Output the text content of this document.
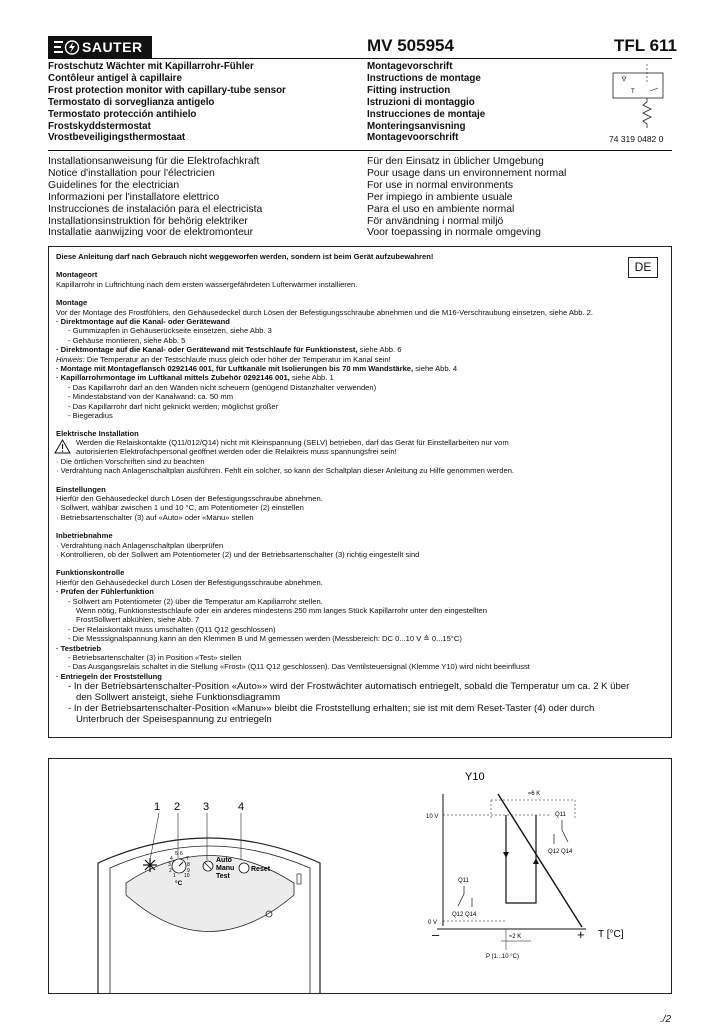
SAUTER	MV 505954	TFL 611
Frostschutz Wächter mit Kapillarrohr-Fühler
Contôleur antigel à capillaire
Frost protection monitor with capillary-tube sensor
Termostato di sorveglianza antigelo
Termostato protección antihielo
Frostskyddstermostat
Vrostbeveiligingsthermostaat
Montagevorschrift
Instructions de montage
Fitting instruction
Istruzioni di montaggio
Instrucciones de montaje
Monteringsanvisning
Montagevoorschrift
T
74 319 0482 0
Installationsanweisung für die Elektrofachkraft
Notice d'installation pour l'électricien
Guidelines for the electrician
Informazioni per l'installatore elettrico
Instrucciones de instalación para el electricista
Installationsinstruktion för behörig elektriker
Installatie aanwijzing voor de elektromonteur
Für den Einsatz in üblicher Umgebung
Pour usage dans un environnement normal
For use in normal environments
Per impiego in ambiente usuale
Para el uso en ambiente normal
För användning i normal miljö
Voor toepassing in normale omgeving
DE
Diese Anleitung darf nach Gebrauch nicht weggeworfen werden, sondern ist beim Gerät aufzubewahren!
Montageort
Kapillarrohr in Luftrichtung nach dem ersten wassergefährdeten Lufterwärmer installieren.
Montage
Vor der Montage des Frostfühlers, den Gehäusedeckel durch Lösen der Befestigungsschraube abnehmen und die M16-Verschraubung einsetzen, siehe Abb. 2.
· Direktmontage auf die Kanal- oder Gerätewand
- Gummizapfen in Gehäuserückseite einsetzen, siehe Abb. 3
- Gehäuse montieren, siehe Abb. 5
· Direktmontage auf die Kanal- oder Gerätewand mit Testschlaufe für Funktionstest, siehe Abb. 6
Hinweis: Die Temperatur an der Testschlaufe muss gleich oder höher der Temperatur im Kanal sein!
· Montage mit Montageflansch 0292146 001, für Luftkanäle mit Isolierungen bis 70 mm Wandstärke, siehe Abb. 4
· Kapillarrohrmontage im Luftkanal mittels Zubehör 0292146 001, siehe Abb. 1
- Das Kapillarrohr darf an den Wänden nicht scheuern (genügend Distanzhalter verwenden)
- Mindestabstand von der Kanalwand: ca. 50 mm
- Das Kapillarrohr darf nicht geknickt werden; möglichst großer
- Biegeradius
Elektrische Installation
Werden die Relaiskontakte (Q11/012/Q14) nicht mit Kleinspannung (SELV) betrieben, darf das Gerät für Einstellarbeiten nur vom
autorisierten Elektrofachpersonal geöffnet werden oder die Relaikreis muss spannungsfrei sein!
· Die örtlichen Vorschriften sind zu beachten
· Verdrahtung nach Anlagenschaltplan ausführen. Fehlt ein solcher, so kann der Schaltplan dieser Anleitung zu Hilfe genommen werden.
Einstellungen
Hierfür den Gehäusedeckel durch Lösen der Befestigungsschraube abnehmen.
· Sollwert, wählbar zwischen 1 und 10 °C, am Potentiometer (2) einstellen
· Betriebsartenschalter (3) auf «Auto» oder «Manu» stellen
Inbetriebnahme
· Verdrahtung nach Anlagenschaltplan überprüfen
· Kontrollieren, ob der Sollwert am Potentiometer (2) und der Betriebsartenschalter (3) richtig eingestellt sind
Funktionskontrolle
Hierfür den Gehäusedeckel durch Lösen der Befestigungsschraube abnehmen.
· Prüfen der Fühlerfunktion
- Sollwert am Potentiometer (2) über die Temperatur am Kapiliarrohr stellen.
Wenn nötig, Funktionstestschlaufe oder ein anderes mindestens 250 mm langes Stück Kapillarrohr unter den eingestellten
FrostSollwert abkühlen, siehe Abb. 7
- Der Relaiskontakt muss umschalten (Q11 Q12 geschlossen)
- Die Messsignalspannung kann an den Klemmen B und M gemessen werden (Messbereich: DC 0...10 V ≙ 0...15°C)
· Testbetrieb
- Betriebsartenschalter (3) in Position «Test» stellen
- Das Ausgangsrelais schaltet in die Stellung «Frost» (Q11 Q12 geschlossen). Das Ventilsteuersignal (Klemme Y10) wird nicht beeinflusst
· Entriegeln der Froststellung
- In der Betriebsartenschalter-Position «Auto»» wird der Frostwächter automatisch entriegelt, sobald die Temperatur um ca. 2 K über
den Sollwert ansteigt, siehe Funktionsdiagramm
- In der Betriebsartenschalter-Position «Manu»» bleibt die Froststellung erhalten; sie ist mit dem Reset-Taster (4) oder durch
Unterbruch der Speisespannung zu entriegeln
1 2 3	4
5 6
4	7
3	8
2	9
1 10
°C
Auto
Manu
Test
Reset
Y10
10 V
0 V
–	+ T [°C]
≈6 K
≈2 K
P (1...10 °C)
Q11
Q12 Q14
Q11
Q12 Q14
./2
